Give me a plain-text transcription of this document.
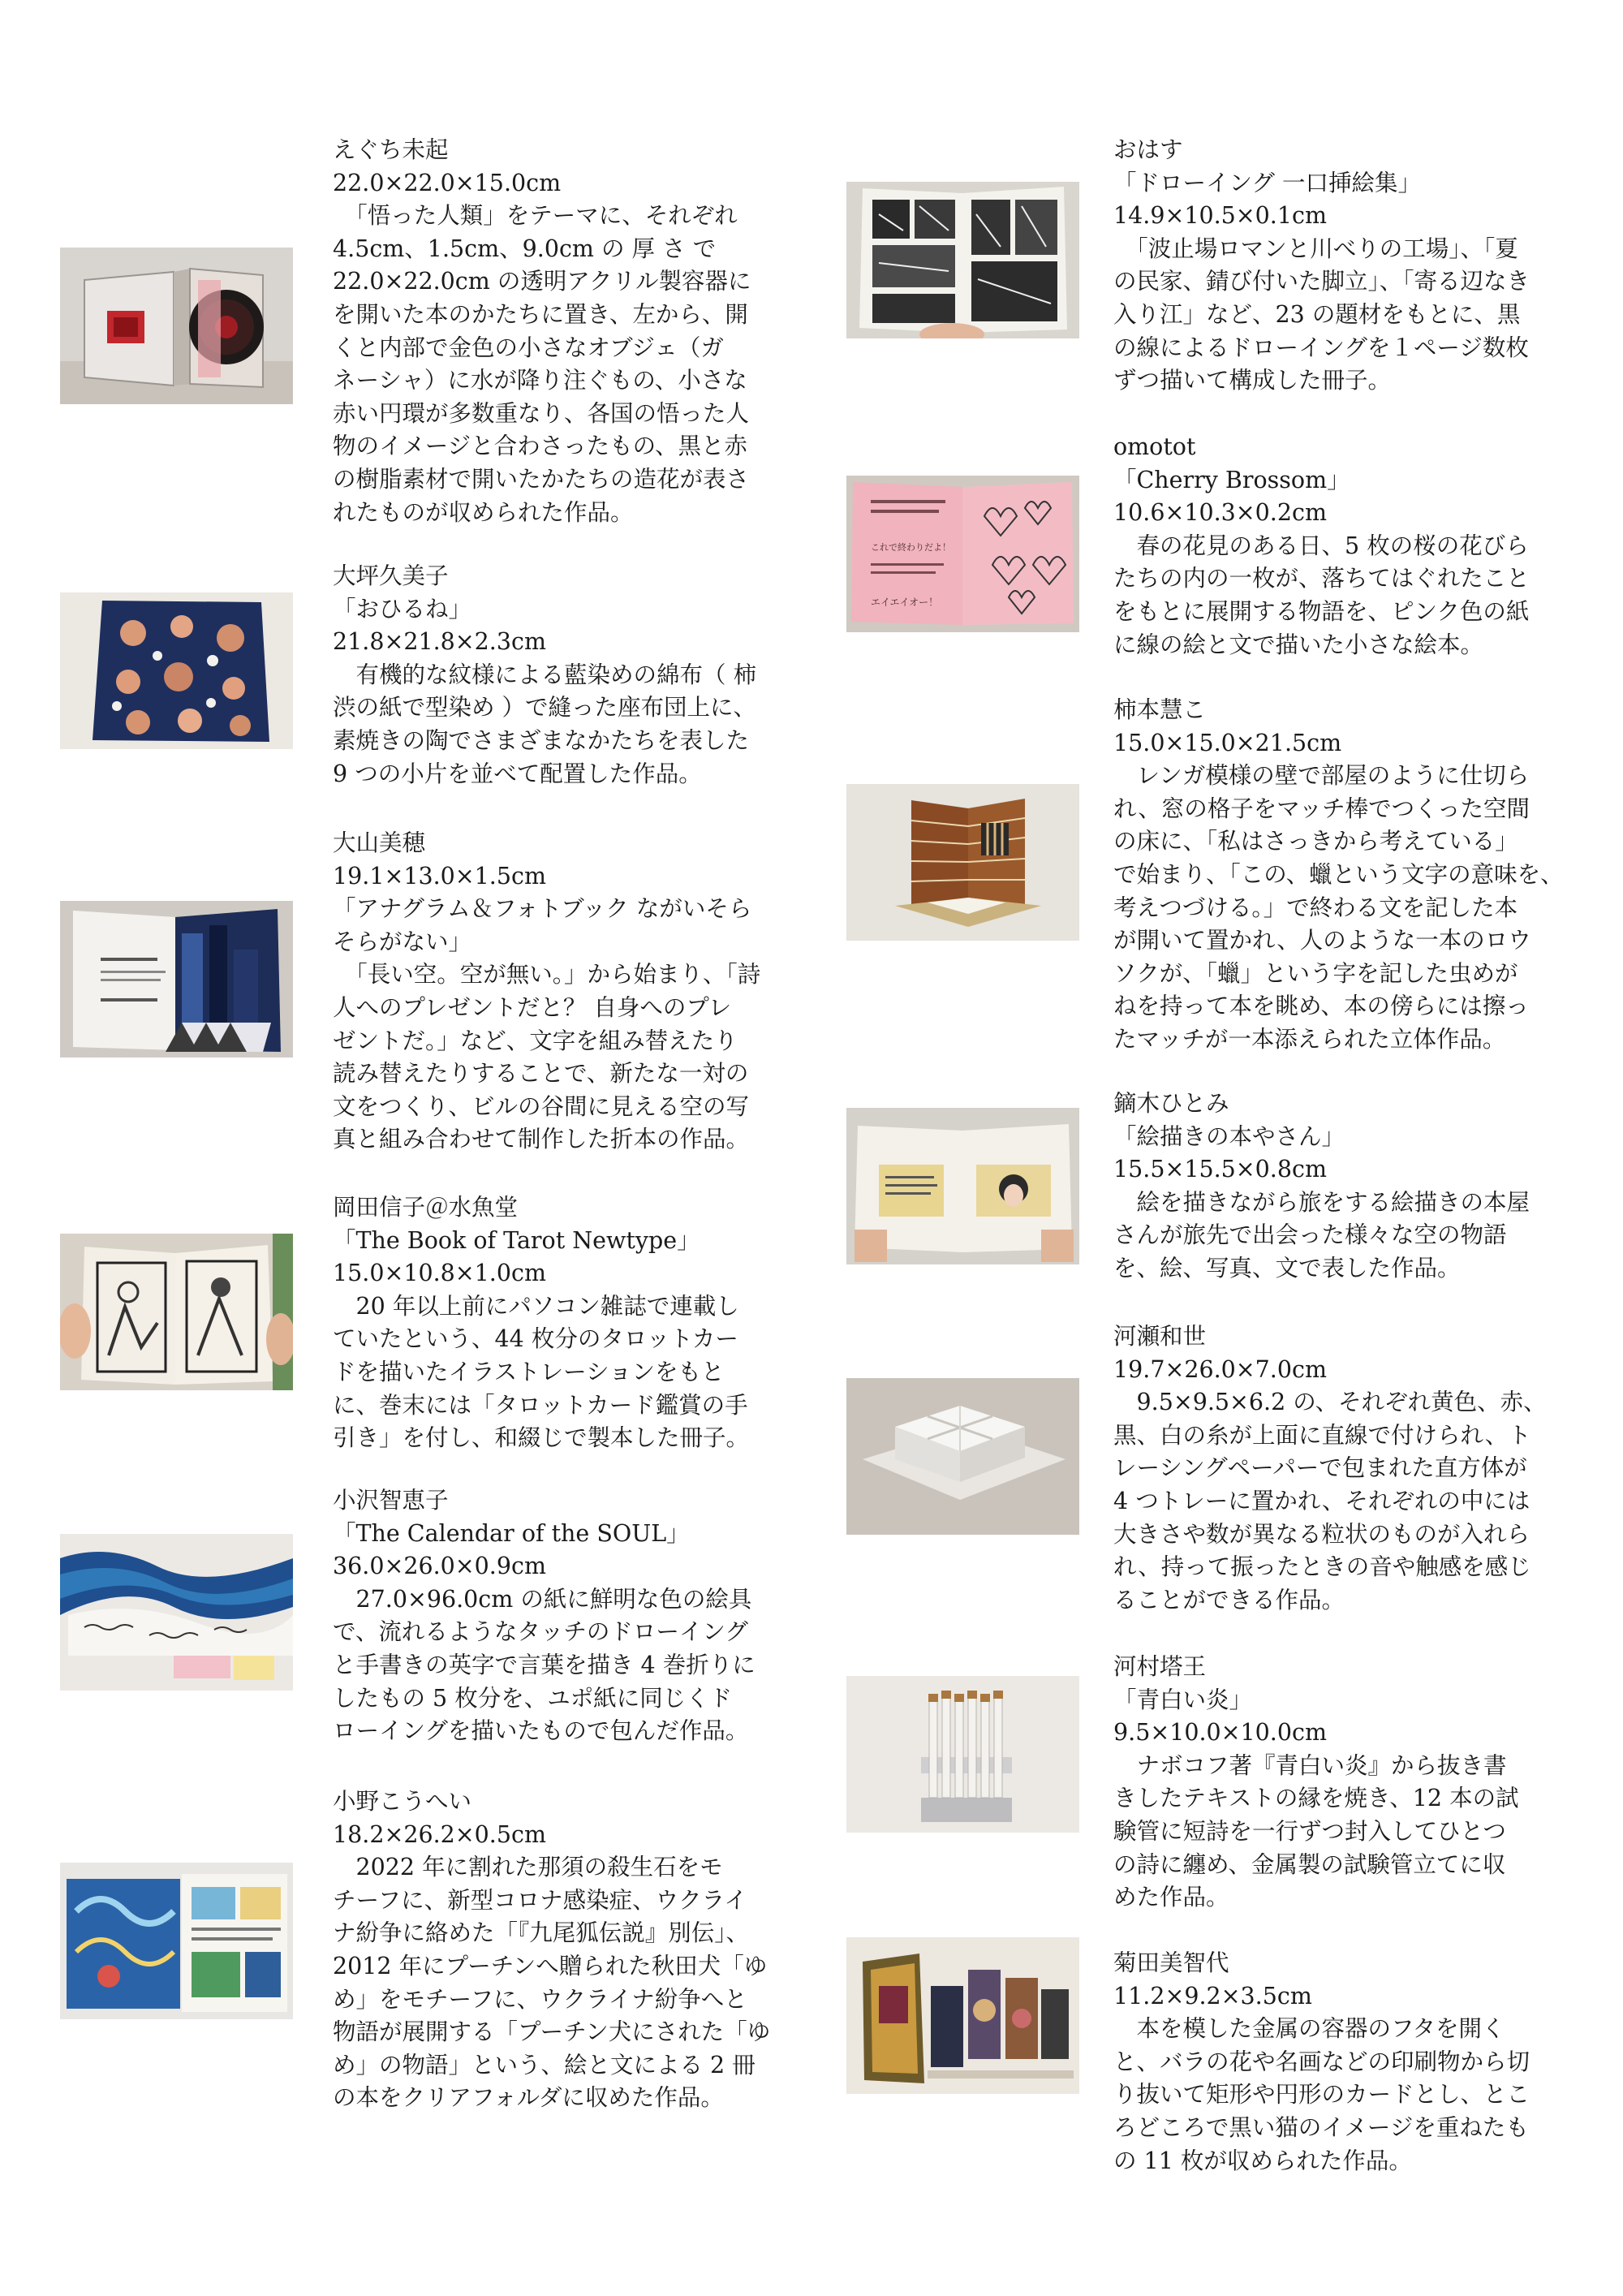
えぐち未起
22.0×22.0×15.0cm
　「悟った人類」をテーマに、それぞれ
4.5cm、1.5cm、9.0cm の 厚 さ で
22.0×22.0cm の透明アクリル製容器に
を開いた本のかたちに置き、左から、開
くと内部で金色の小さなオブジェ（ガ
ネーシャ）に水が降り注ぐもの、小さな
赤い円環が多数重なり、各国の悟った人
物のイメージと合わさったもの、黒と赤
の樹脂素材で開いたかたちの造花が表さ
れたものが収められた作品。
大坪久美子
「おひるね」
21.8×21.8×2.3cm
　有機的な紋様による藍染めの綿布（ 柿
渋の紙で型染め ）で縫った座布団上に、
素焼きの陶でさまざまなかたちを表した
9 つの小片を並べて配置した作品。
大山美穂
19.1×13.0×1.5cm
「アナグラム＆フォトブック ながいそら
そらがない」
　「長い空。空が無い。」から始まり、「詩
人へのプレゼントだと？ 自身へのプレ
ゼントだ。」など、文字を組み替えたり
読み替えたりすることで、新たな一対の
文をつくり、ビルの谷間に見える空の写
真と組み合わせて制作した折本の作品。
岡田信子＠水魚堂
「The Book of Tarot Newtype」
15.0×10.8×1.0cm
　20 年以上前にパソコン雑誌で連載し
ていたという、44 枚分のタロットカー
ドを描いたイラストレーションをもと
に、巻末には「タロットカード鑑賞の手
引き」を付し、和綴じで製本した冊子。
小沢智恵子
「The Calendar of the SOUL」
36.0×26.0×0.9cm
　27.0×96.0cm の紙に鮮明な色の絵具
で、流れるようなタッチのドローイング
と手書きの英字で言葉を描き 4 巻折りに
したもの 5 枚分を、ユポ紙に同じくド
ローイングを描いたもので包んだ作品。
小野こうへい
18.2×26.2×0.5cm
　2022 年に割れた那須の殺生石をモ
チーフに、新型コロナ感染症、ウクライ
ナ紛争に絡めた「『九尾狐伝説』別伝」、
2012 年にプーチンへ贈られた秋田犬「ゆ
め」をモチーフに、ウクライナ紛争へと
物語が展開する「プーチン犬にされた「ゆ
め」の物語」という、絵と文による 2 冊
の本をクリアフォルダに収めた作品。
おはす
「ドローイング 一口挿絵集」
14.9×10.5×0.1cm
　「波止場ロマンと川べりの工場」、「夏
の民家、錆び付いた脚立」、「寄る辺なき
入り江」など、23 の題材をもとに、黒
の線によるドローイングを１ページ数枚
ずつ描いて構成した冊子。
これで終わりだよ！
エイエイオー！
omotot
「Cherry Brossom」
10.6×10.3×0.2cm
　春の花見のある日、5 枚の桜の花びら
たちの内の一枚が、落ちてはぐれたこと
をもとに展開する物語を、ピンク色の紙
に線の絵と文で描いた小さな絵本。
柿本慧こ
15.0×15.0×21.5cm
　レンガ模様の壁で部屋のように仕切ら
れ、窓の格子をマッチ棒でつくった空間
の床に、「私はさっきから考えている」
で始まり、「この、蠟という文字の意味を、
考えつづける。」で終わる文を記した本
が開いて置かれ、人のような一本のロウ
ソクが、「蠟」という字を記した虫めが
ねを持って本を眺め、本の傍らには擦っ
たマッチが一本添えられた立体作品。
鏑木ひとみ
「絵描きの本やさん」
15.5×15.5×0.8cm
　絵を描きながら旅をする絵描きの本屋
さんが旅先で出会った様々な空の物語
を、絵、写真、文で表した作品。
河瀬和世
19.7×26.0×7.0cm
　9.5×9.5×6.2 の、それぞれ黄色、赤、
黒、白の糸が上面に直線で付けられ、ト
レーシングペーパーで包まれた直方体が
4 つトレーに置かれ、それぞれの中には
大きさや数が異なる粒状のものが入れら
れ、持って振ったときの音や触感を感じ
ることができる作品。
河村塔王
「青白い炎」
9.5×10.0×10.0cm
　ナボコフ著『青白い炎』から抜き書
きしたテキストの縁を焼き、12 本の試
験管に短詩を一行ずつ封入してひとつ
の詩に纏め、金属製の試験管立てに収
めた作品。
菊田美智代
11.2×9.2×3.5cm
　本を模した金属の容器のフタを開く
と、バラの花や名画などの印刷物から切
り抜いて矩形や円形のカードとし、とこ
ろどころで黒い猫のイメージを重ねたも
の 11 枚が収められた作品。
